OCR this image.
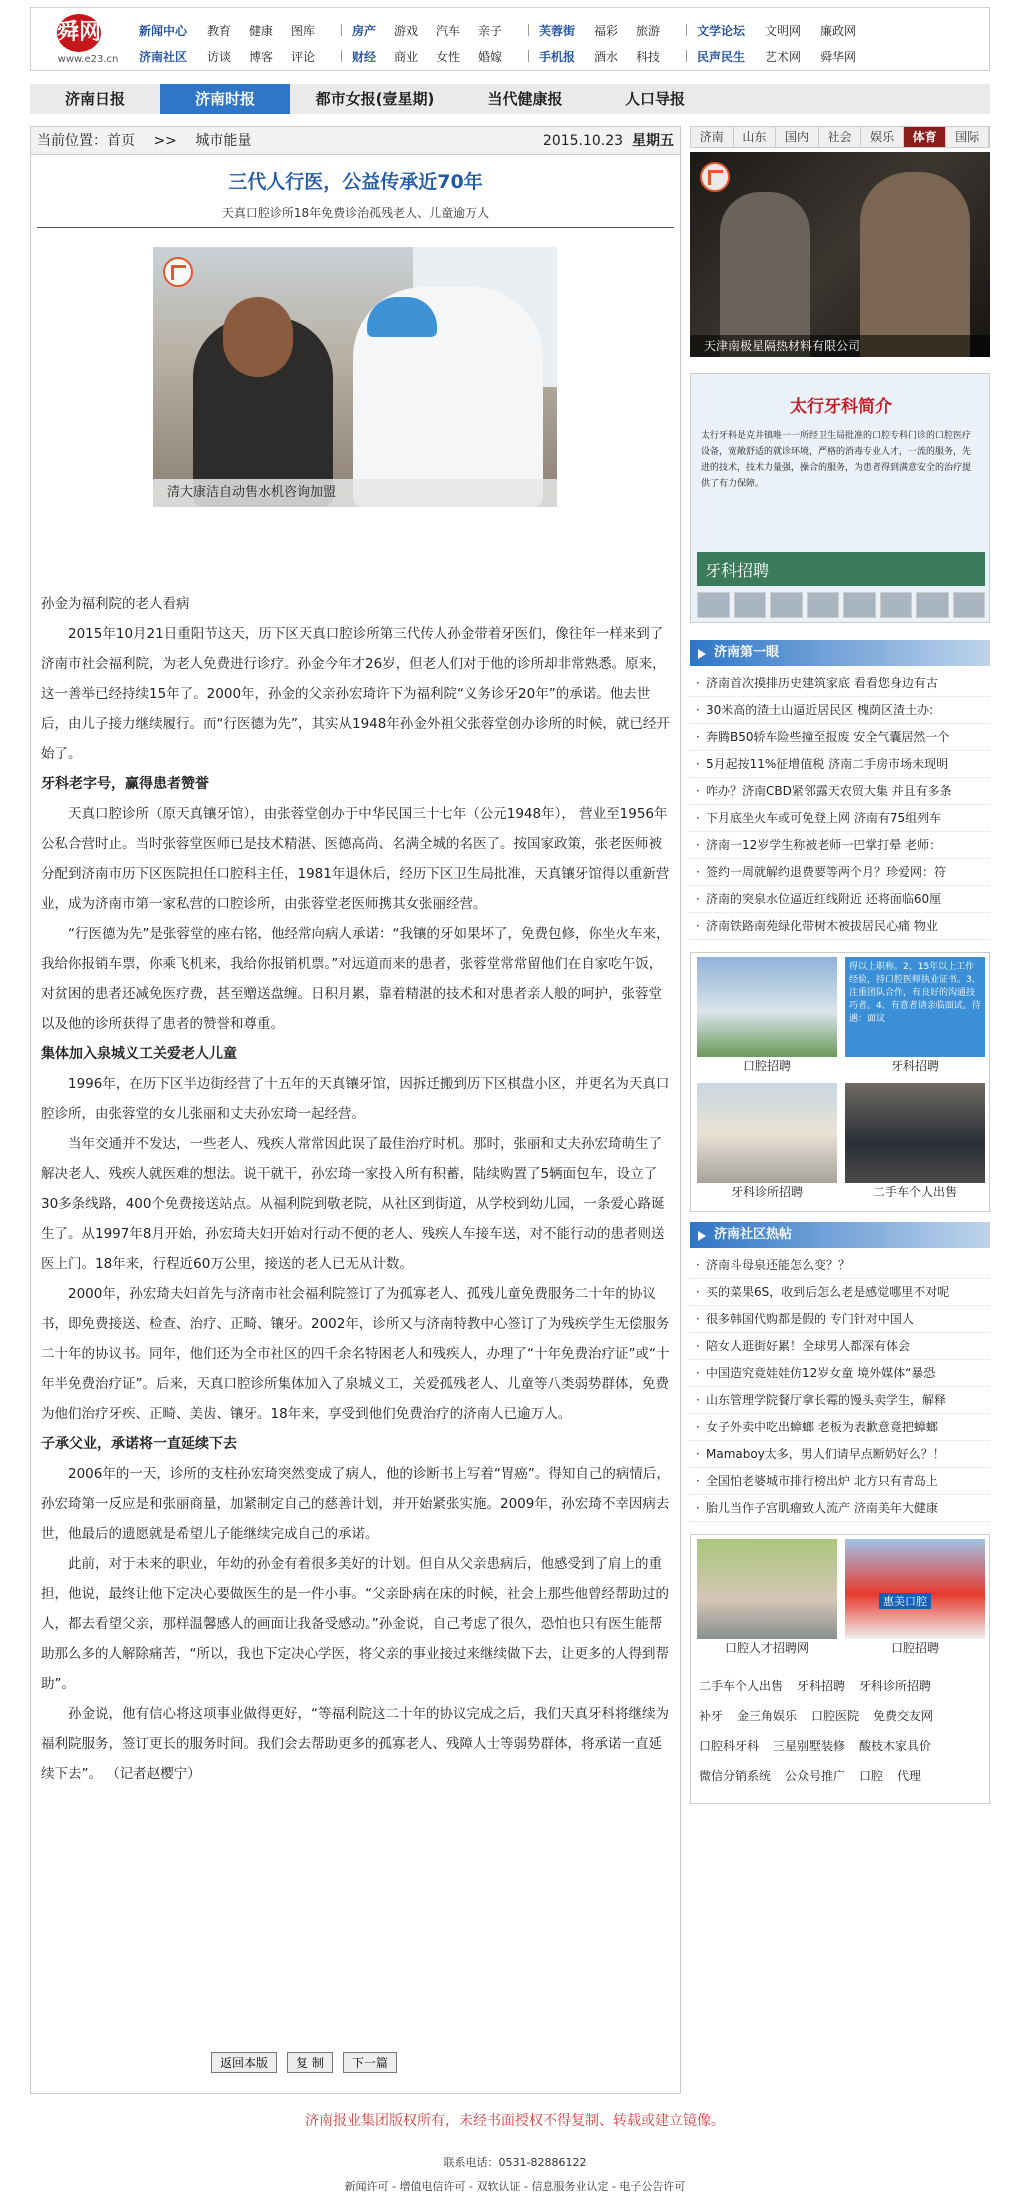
舜网
www.e23.cn
新闻中心	教育	健康	图库	房产	游戏	汽车	亲子	芙蓉街	福彩	旅游	文学论坛	文明网	廉政网
济南社区	访谈	博客	评论	财经	商业	女性	婚嫁	手机报	酒水	科技	民声民生	艺术网	舜华网
济南日报	济南时报	都市女报(壹星期)	当代健康报	人口导报
当前位置：首页 >> 城市能量	2015.10.23 星期五
三代人行医，公益传承近70年
天真口腔诊所18年免费诊治孤残老人、儿童逾万人
清大康洁自动售水机咨询加盟

孙金为福利院的老人看病

2015年10月21日重阳节这天，历下区天真口腔诊所第三代传人孙金带着牙医们，像往年一样来到了济南市社会福利院，为老人免费进行诊疗。孙金今年才26岁，但老人们对于他的诊所却非常熟悉。原来，这一善举已经持续15年了。2000年，孙金的父亲孙宏琦许下为福利院“义务诊牙20年”的承诺。他去世后，由儿子接力继续履行。而“行医德为先”，其实从1948年孙金外祖父张蓉堂创办诊所的时候，就已经开始了。

牙科老字号，赢得患者赞誉

天真口腔诊所（原天真镶牙馆），由张蓉堂创办于中华民国三十七年（公元1948年）， 营业至1956年公私合营时止。当时张蓉堂医师已是技术精湛、医德高尚、名满全城的名医了。按国家政策，张老医师被分配到济南市历下区医院担任口腔科主任，1981年退休后，经历下区卫生局批准，天真镶牙馆得以重新营业，成为济南市第一家私营的口腔诊所，由张蓉堂老医师携其女张丽经营。

“行医德为先”是张蓉堂的座右铭，他经常向病人承诺：“我镶的牙如果坏了，免费包修，你坐火车来，我给你报销车票，你乘飞机来，我给你报销机票。”对远道而来的患者，张蓉堂常常留他们在自家吃午饭，对贫困的患者还减免医疗费，甚至赠送盘缠。日积月累，靠着精湛的技术和对患者亲人般的呵护，张蓉堂以及他的诊所获得了患者的赞誉和尊重。

集体加入泉城义工关爱老人儿童

1996年，在历下区半边街经营了十五年的天真镶牙馆，因拆迁搬到历下区棋盘小区，并更名为天真口腔诊所，由张蓉堂的女儿张丽和丈夫孙宏琦一起经营。

当年交通并不发达，一些老人、残疾人常常因此误了最佳治疗时机。那时，张丽和丈夫孙宏琦萌生了解决老人、残疾人就医难的想法。说干就干，孙宏琦一家投入所有积蓄，陆续购置了5辆面包车，设立了30多条线路，400个免费接送站点。从福利院到敬老院，从社区到街道，从学校到幼儿园，一条爱心路诞生了。从1997年8月开始，孙宏琦夫妇开始对行动不便的老人、残疾人车接车送，对不能行动的患者则送医上门。18年来，行程近60万公里，接送的老人已无从计数。

2000年，孙宏琦夫妇首先与济南市社会福利院签订了为孤寡老人、孤残儿童免费服务二十年的协议书，即免费接送、检查、治疗、正畸、镶牙。2002年，诊所又与济南特教中心签订了为残疾学生无偿服务二十年的协议书。同年，他们还为全市社区的四千余名特困老人和残疾人，办理了“十年免费治疗证”或“十年半免费治疗证”。后来，天真口腔诊所集体加入了泉城义工，关爱孤残老人、儿童等八类弱势群体，免费为他们治疗牙疾、正畸、美齿、镶牙。18年来，享受到他们免费治疗的济南人已逾万人。

子承父业，承诺将一直延续下去

2006年的一天，诊所的支柱孙宏琦突然变成了病人，他的诊断书上写着“胃癌”。得知自己的病情后，孙宏琦第一反应是和张丽商量，加紧制定自己的慈善计划，并开始紧张实施。2009年，孙宏琦不幸因病去世，他最后的遗愿就是希望儿子能继续完成自己的承诺。

此前，对于未来的职业，年幼的孙金有着很多美好的计划。但自从父亲患病后，他感受到了肩上的重担，他说，最终让他下定决心要做医生的是一件小事。“父亲卧病在床的时候，社会上那些他曾经帮助过的人，都去看望父亲，那样温馨感人的画面让我备受感动。”孙金说，自己考虑了很久，恐怕也只有医生能帮助那么多的人解除痛苦，“所以，我也下定决心学医，将父亲的事业接过来继续做下去，让更多的人得到帮助”。

孙金说，他有信心将这项事业做得更好，“等福利院这二十年的协议完成之后，我们天真牙科将继续为福利院服务，签订更长的服务时间。我们会去帮助更多的孤寡老人、残障人士等弱势群体，将承诺一直延续下去”。 （记者赵樱宁）

返回本版	复 制	下一篇
济南	山东	国内	社会	娱乐	体育	国际
天津南极星隔热材料有限公司
太行牙科简介
太行牙科是克井镇唯一一所经卫生局批准的口腔专科门诊的口腔医疗设备，宽敞舒适的就诊环境，严格的消毒专业人才，一流的服务，先进的技术，技术力量强，操合的服务，为患者得到满意安全的治疗提供了有力保障。
牙科招聘
济南第一眼
· 济南首次摸排历史建筑家底 看看您身边有古
· 30米高的渣土山逼近居民区 槐荫区渣土办:
· 奔腾B50轿车险些撞至报废 安全气囊居然一个
· 5月起按11%征增值税 济南二手房市场未现明
· 咋办？济南CBD紧邻露天农贸大集 并且有多条
· 下月底坐火车或可免登上网 济南有75组列车
· 济南一12岁学生称被老师一巴掌打晕 老师：
· 签约一周就解约退费要等两个月？珍爱网：符
· 济南的突泉水位逼近红线附近 还将面临60厘
· 济南铁路南苑绿化带树木被拔居民心痛 物业
口腔招聘
得以上职称。2、15年以上工作经验，持口腔医师执业证书。3、注重团队合作，有良好的沟通技巧者。4、有意者请亲临面试。待遇：面议
牙科招聘
牙科诊所招聘	二手车个人出售
济南社区热帖
· 济南斗母泉还能怎么变？？
· 买的菜果6S，收到后怎么老是感觉哪里不对呢
· 很多韩国代购都是假的 专门针对中国人
· 陪女人逛街好累！全球男人都深有体会
· 中国造究竟娃娃仿12岁女童 境外媒体“暴恐
· 山东管理学院餐厅拿长霉的馒头卖学生，解释
· 女子外卖中吃出蟑螂 老板为表歉意竟把蟑螂
· Mamaboy太多，男人们请早点断奶好么？！
· 全国怕老婆城市排行榜出炉 北方只有青岛上
· 胎儿当作子宫肌瘤致人流产 济南美年大健康
口腔人才招聘网
惠美口腔
口腔招聘
二手车个人出售 牙科招聘 牙科诊所招聘
补牙 金三角娱乐 口腔医院 免费交友网
口腔科牙科 三星别墅装修 酸枝木家具价
微信分销系统 公众号推广 口腔 代理
济南报业集团版权所有，未经书面授权不得复制、转载或建立镜像。
联系电话：0531-82886122
新闻许可 - 增值电信许可 - 双软认证 - 信息服务业认定 - 电子公告许可
